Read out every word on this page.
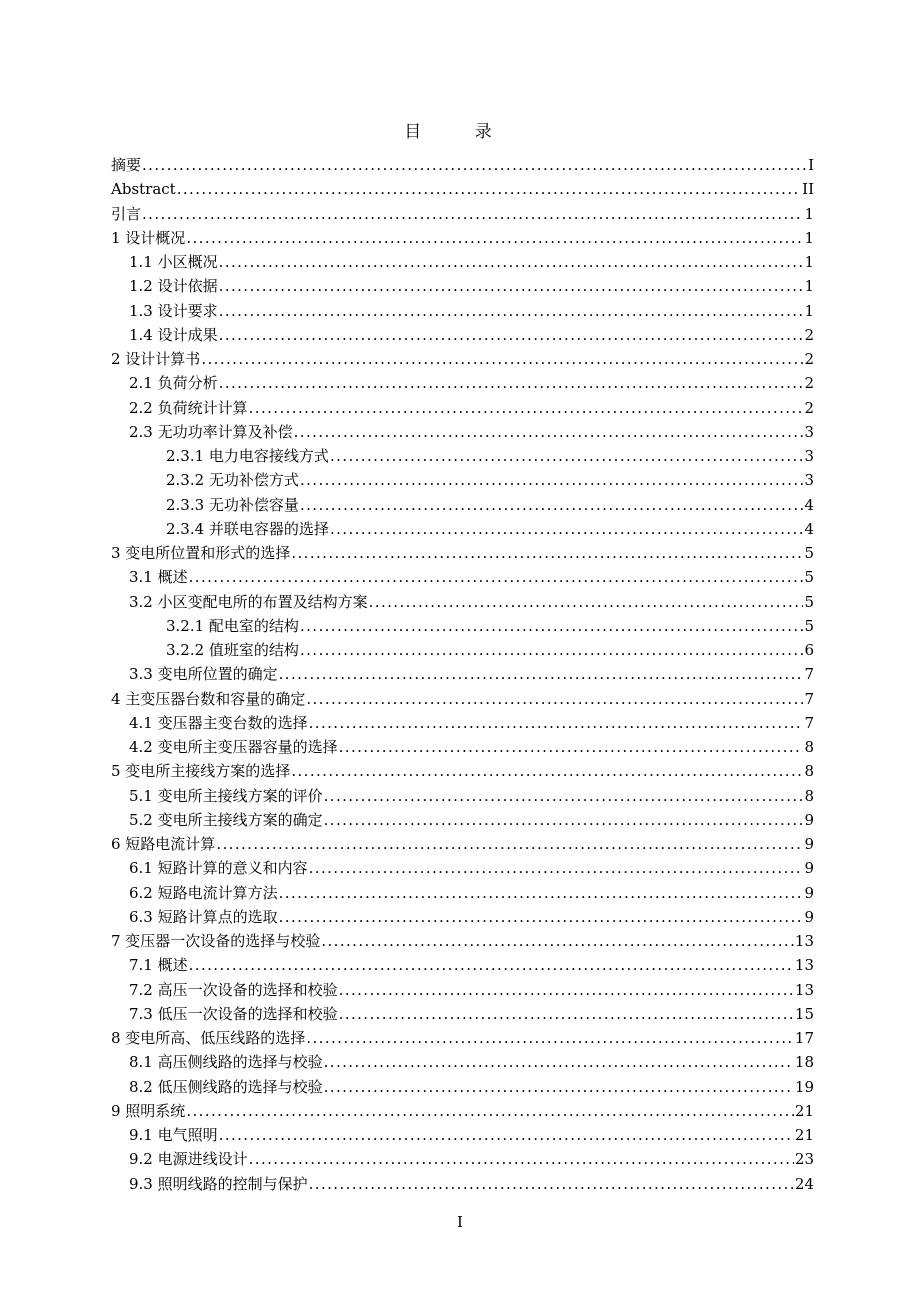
目 录
摘要 .....	I
Abstract .....	II
引言 .....	1
1 设计概况 .....	1
1.1 小区概况 .....	1
1.2 设计依据 .....	1
1.3 设计要求 .....	1
1.4 设计成果 .....	2
2 设计计算书 .....	2
2.1 负荷分析 .....	2
2.2 负荷统计计算 .....	2
2.3 无功功率计算及补偿 .....	3
2.3.1 电力电容接线方式 .....	3
2.3.2 无功补偿方式 .....	3
2.3.3 无功补偿容量 .....	4
2.3.4 并联电容器的选择 .....	4
3 变电所位置和形式的选择 .....	5
3.1 概述 .....	5
3.2 小区变配电所的布置及结构方案 .....	5
3.2.1 配电室的结构 .....	5
3.2.2 值班室的结构 .....	6
3.3 变电所位置的确定 .....	7
4 主变压器台数和容量的确定 .....	7
4.1 变压器主变台数的选择 .....	7
4.2 变电所主变压器容量的选择 .....	8
5 变电所主接线方案的选择 .....	8
5.1 变电所主接线方案的评价 .....	8
5.2 变电所主接线方案的确定 .....	9
6 短路电流计算 .....	9
6.1 短路计算的意义和内容 .....	9
6.2 短路电流计算方法 .....	9
6.3 短路计算点的选取 .....	9
7 变压器一次设备的选择与校验 .....	13
7.1 概述 .....	13
7.2 高压一次设备的选择和校验 .....	13
7.3 低压一次设备的选择和校验 .....	15
8 变电所高、低压线路的选择 .....	17
8.1 高压侧线路的选择与校验 .....	18
8.2 低压侧线路的选择与校验 .....	19
9 照明系统 .....	21
9.1 电气照明 .....	21
9.2 电源进线设计 .....	23
9.3 照明线路的控制与保护 .....	24
I
